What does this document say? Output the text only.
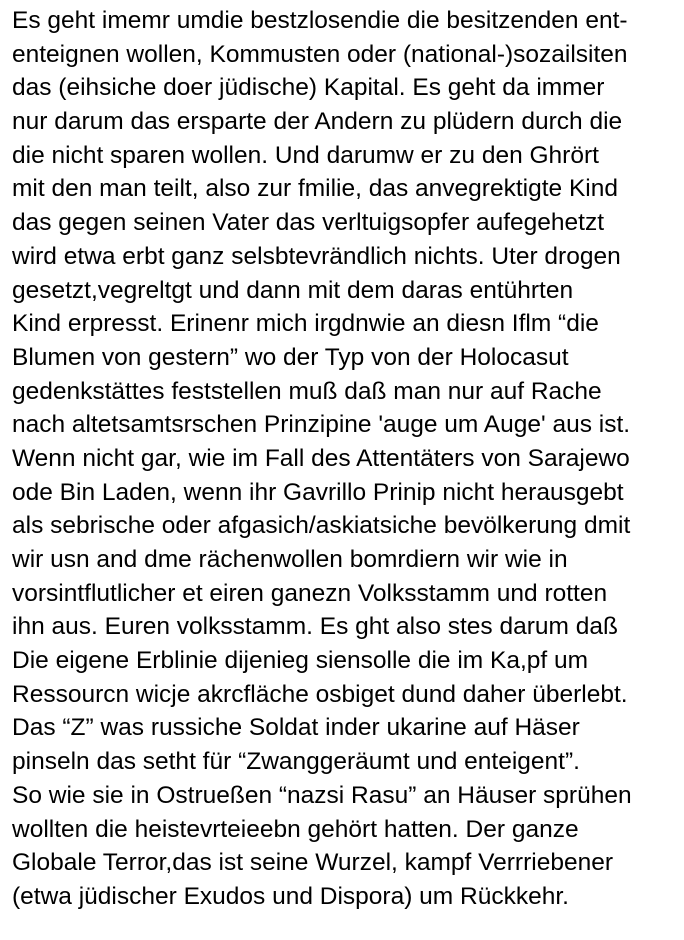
Es geht imemr umdie bestzlosendie die besitzenden ent-
enteignen wollen, Kommusten oder (national-)sozailsiten
das (eihsiche doer jüdische) Kapital. Es geht da immer
nur darum das ersparte der Andern zu plüdern durch die
die nicht sparen wollen. Und darumw er zu den Ghrört
mit den man teilt, also zur fmilie, das anvegrektigte Kind
das gegen seinen Vater das verltuigsopfer aufegehetzt
wird etwa erbt ganz selsbtevrändlich nichts. Uter drogen
gesetzt,vegreltgt und dann mit dem daras entührten
Kind erpresst. Erinenr mich irgdnwie an diesn Iflm “die
Blumen von gestern” wo der Typ von der Holocasut
gedenkstättes feststellen muß daß man nur auf Rache
nach altetsamtsrschen Prinzipine 'auge um Auge' aus ist.
Wenn nicht gar, wie im Fall des Attentäters von Sarajewo
ode Bin Laden, wenn ihr Gavrillo Prinip nicht herausgebt
als sebrische oder afgasich/askiatsiche bevölkerung dmit
wir usn and dme rächenwollen bomrdiern wir wie in
vorsintflutlicher et eiren ganezn Volksstamm und rotten
ihn aus. Euren volksstamm. Es ght also stes darum daß
Die eigene Erblinie dijenieg siensolle die im Ka,pf um
Ressourcn wicje akrcfläche osbiget dund daher überlebt.
Das “Z” was russiche Soldat inder ukarine auf Häser
pinseln das setht für “Zwanggeräumt und enteigent”.
So wie sie in Ostrueßen “nazsi Rasu” an Häuser sprühen
wollten die heistevrteieebn gehört hatten. Der ganze
Globale Terror,das ist seine Wurzel, kampf Verrriebener
(etwa jüdischer Exudos und Dispora) um Rückkehr.
